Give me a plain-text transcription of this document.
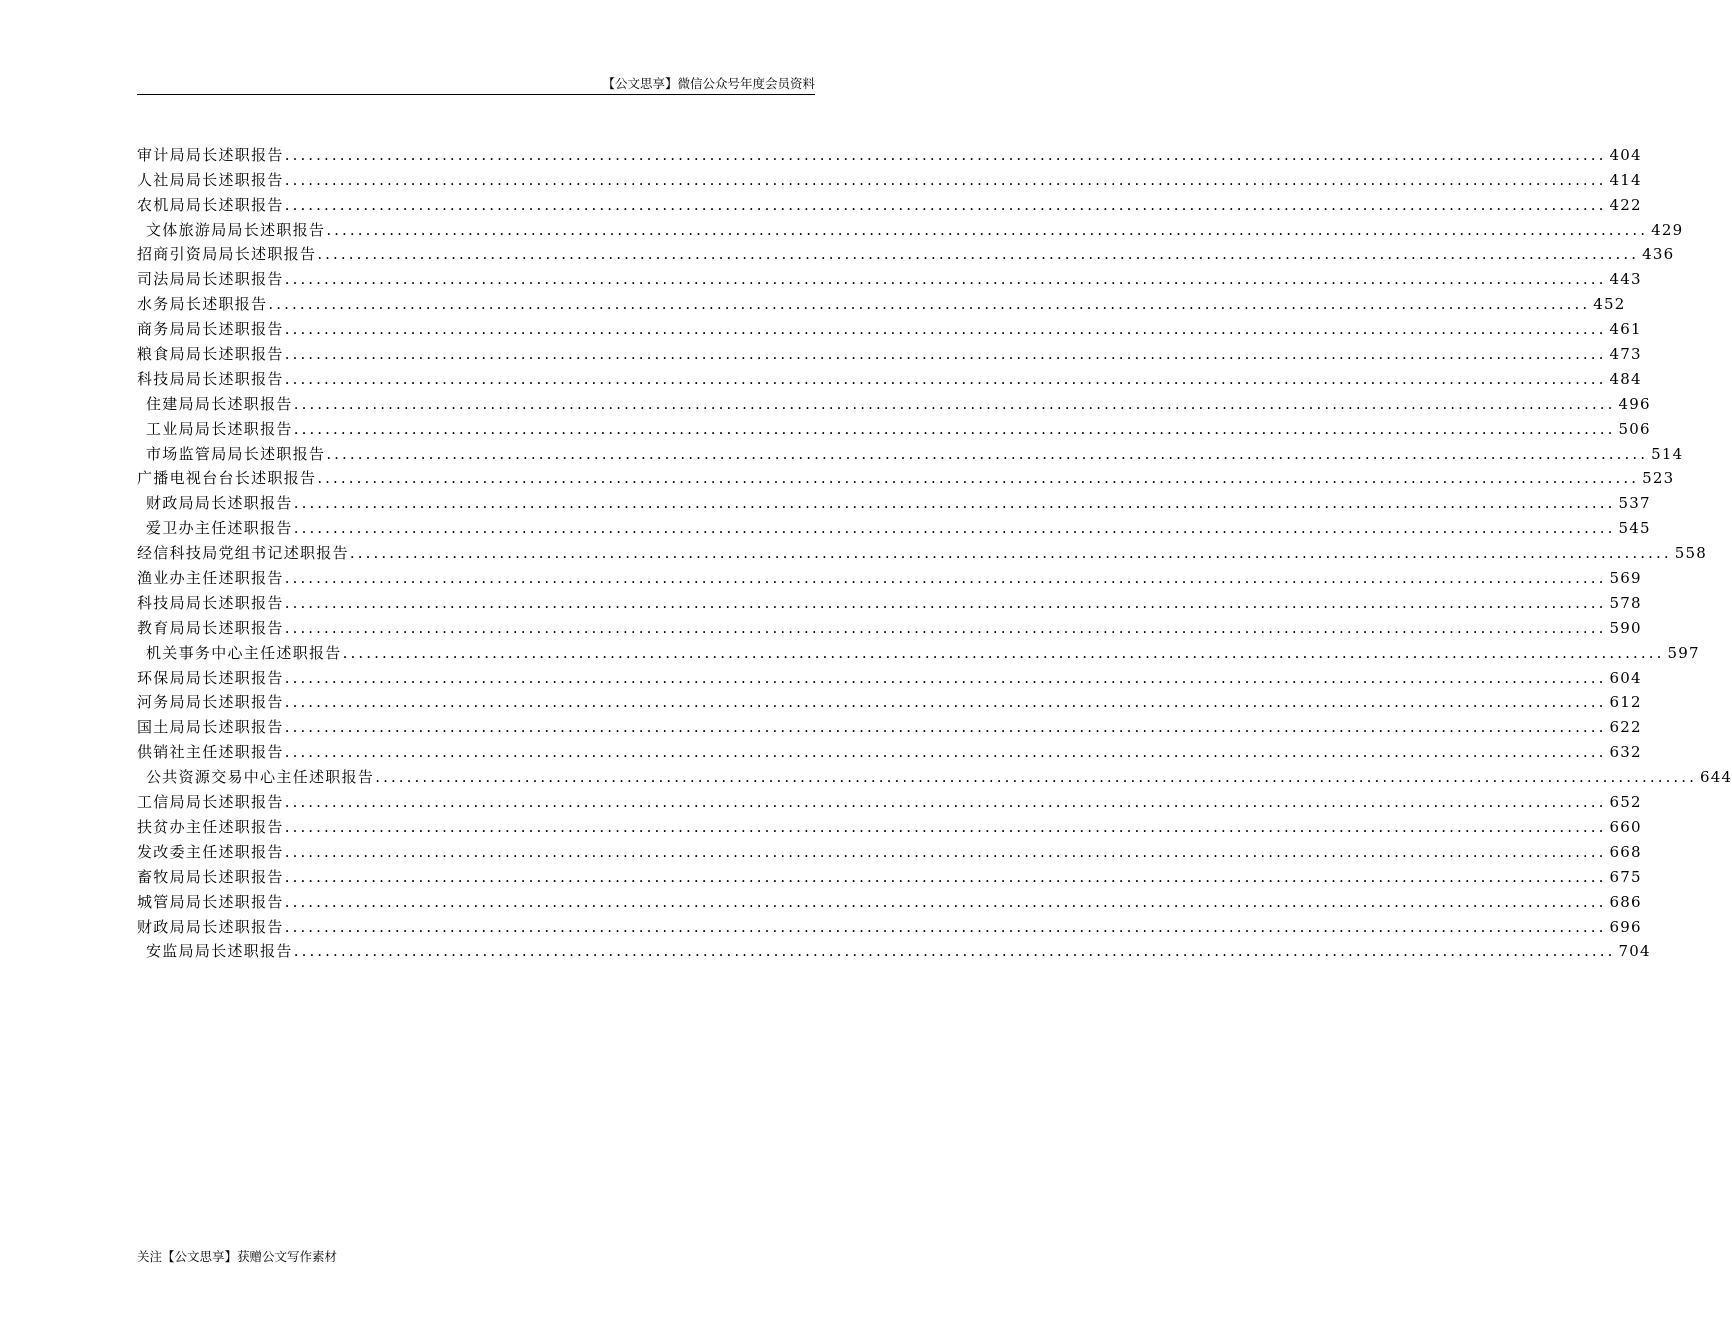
【公文思享】微信公众号年度会员资料
审计局局长述职报告 ........................................................................................................................................................................ 404
人社局局长述职报告 ........................................................................................................................................................................ 414
农机局局长述职报告 ........................................................................................................................................................................ 422
文体旅游局局长述职报告 ........................................................................................................................................................................ 429
招商引资局局长述职报告 ........................................................................................................................................................................ 436
司法局局长述职报告 ........................................................................................................................................................................ 443
水务局长述职报告 ........................................................................................................................................................................ 452
商务局局长述职报告 ........................................................................................................................................................................ 461
粮食局局长述职报告 ........................................................................................................................................................................ 473
科技局局长述职报告 ........................................................................................................................................................................ 484
住建局局长述职报告 ........................................................................................................................................................................ 496
工业局局长述职报告 ........................................................................................................................................................................ 506
市场监管局局长述职报告 ........................................................................................................................................................................ 514
广播电视台台长述职报告 ........................................................................................................................................................................ 523
财政局局长述职报告 ........................................................................................................................................................................ 537
爱卫办主任述职报告 ........................................................................................................................................................................ 545
经信科技局党组书记述职报告 ........................................................................................................................................................................ 558
渔业办主任述职报告 ........................................................................................................................................................................ 569
科技局局长述职报告 ........................................................................................................................................................................ 578
教育局局长述职报告 ........................................................................................................................................................................ 590
机关事务中心主任述职报告 ........................................................................................................................................................................ 597
环保局局长述职报告 ........................................................................................................................................................................ 604
河务局局长述职报告 ........................................................................................................................................................................ 612
国土局局长述职报告 ........................................................................................................................................................................ 622
供销社主任述职报告 ........................................................................................................................................................................ 632
公共资源交易中心主任述职报告 ........................................................................................................................................................................ 644
工信局局长述职报告 ........................................................................................................................................................................ 652
扶贫办主任述职报告 ........................................................................................................................................................................ 660
发改委主任述职报告 ........................................................................................................................................................................ 668
畜牧局局长述职报告 ........................................................................................................................................................................ 675
城管局局长述职报告 ........................................................................................................................................................................ 686
财政局局长述职报告 ........................................................................................................................................................................ 696
安监局局长述职报告 ........................................................................................................................................................................ 704
关注【公文思享】获赠公文写作素材
